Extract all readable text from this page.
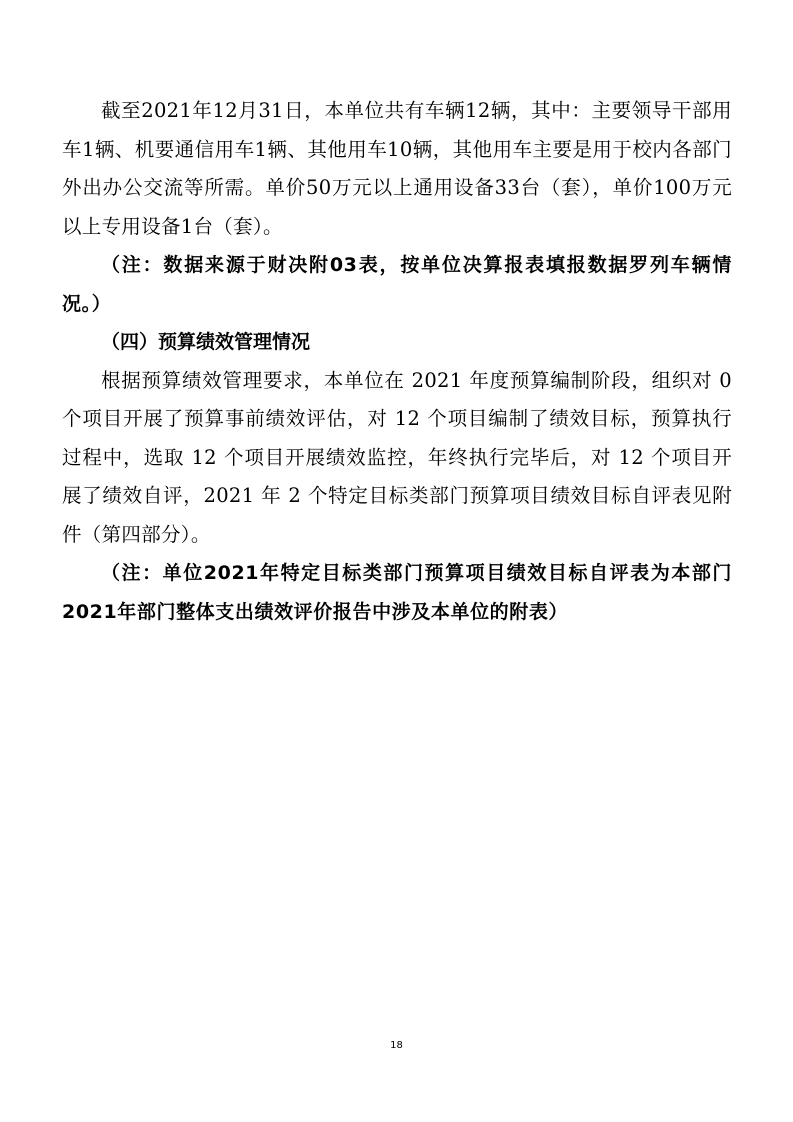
截至2021年12月31日，本单位共有车辆12辆，其中：主要领导干部用车1辆、机要通信用车1辆、其他用车10辆，其他用车主要是用于校内各部门外出办公交流等所需。单价50万元以上通用设备33台（套），单价100万元以上专用设备1台（套）。

（注：数据来源于财决附03表，按单位决算报表填报数据罗列车辆情况。）

（四）预算绩效管理情况

根据预算绩效管理要求，本单位在 2021 年度预算编制阶段，组织对 0 个项目开展了预算事前绩效评估，对 12 个项目编制了绩效目标，预算执行过程中，选取 12 个项目开展绩效监控，年终执行完毕后，对 12 个项目开展了绩效自评，2021 年 2 个特定目标类部门预算项目绩效目标自评表见附件（第四部分）。

（注：单位2021年特定目标类部门预算项目绩效目标自评表为本部门2021年部门整体支出绩效评价报告中涉及本单位的附表）

18
